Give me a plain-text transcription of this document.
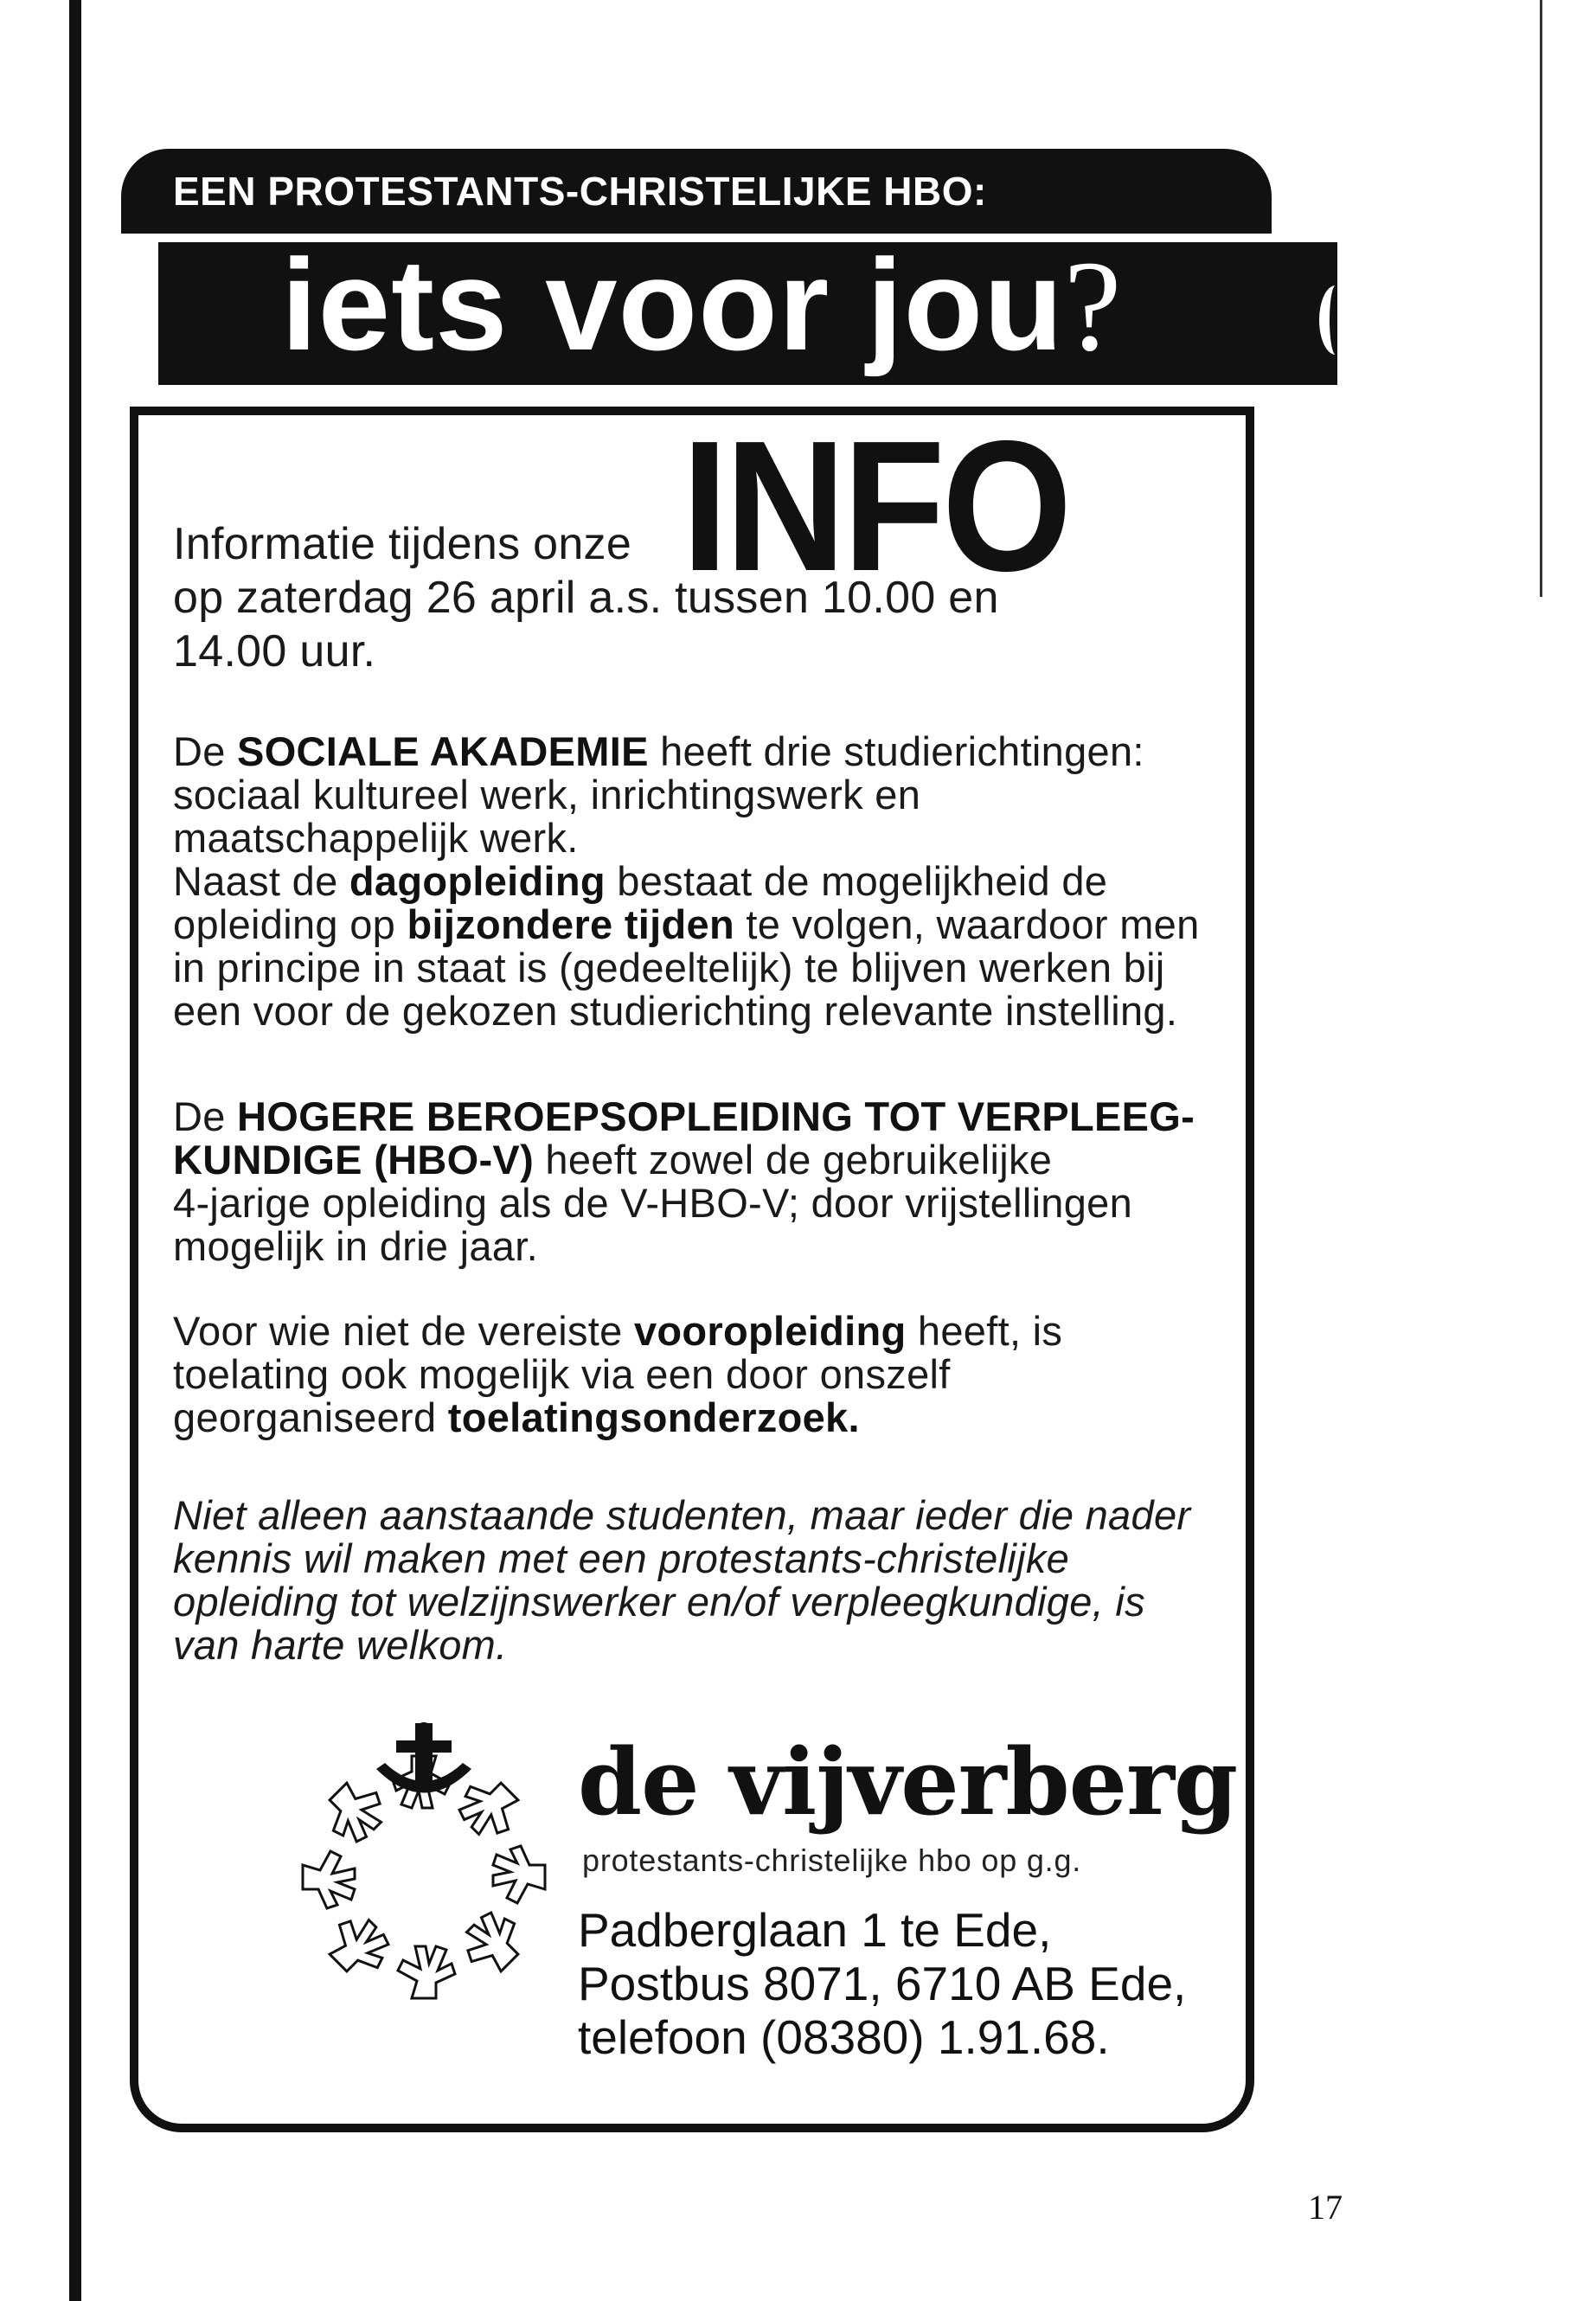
EEN PROTESTANTS-CHRISTELIJKE HBO:
iets voor jou?
INFO
Informatie tijdens onze
op zaterdag 26 april a.s. tussen 10.00 en
14.00 uur.
De SOCIALE AKADEMIE heeft drie studierichtingen:
sociaal kultureel werk, inrichtingswerk en
maatschappelijk werk.
Naast de dagopleiding bestaat de mogelijkheid de
opleiding op bijzondere tijden te volgen, waardoor men
in principe in staat is (gedeeltelijk) te blijven werken bij
een voor de gekozen studierichting relevante instelling.
De HOGERE BEROEPSOPLEIDING TOT VERPLEEG-
KUNDIGE (HBO-V) heeft zowel de gebruikelijke
4-jarige opleiding als de V-HBO-V; door vrijstellingen
mogelijk in drie jaar.
Voor wie niet de vereiste vooropleiding heeft, is
toelating ook mogelijk via een door onszelf
georganiseerd toelatingsonderzoek.
Niet alleen aanstaande studenten, maar ieder die nader
kennis wil maken met een protestants-christelijke
opleiding tot welzijnswerker en/of verpleegkundige, is
van harte welkom.
de vijverberg
protestants-christelijke hbo op g.g.
Padberglaan 1 te Ede,
Postbus 8071, 6710 AB Ede,
telefoon (08380) 1.91.68.
17
